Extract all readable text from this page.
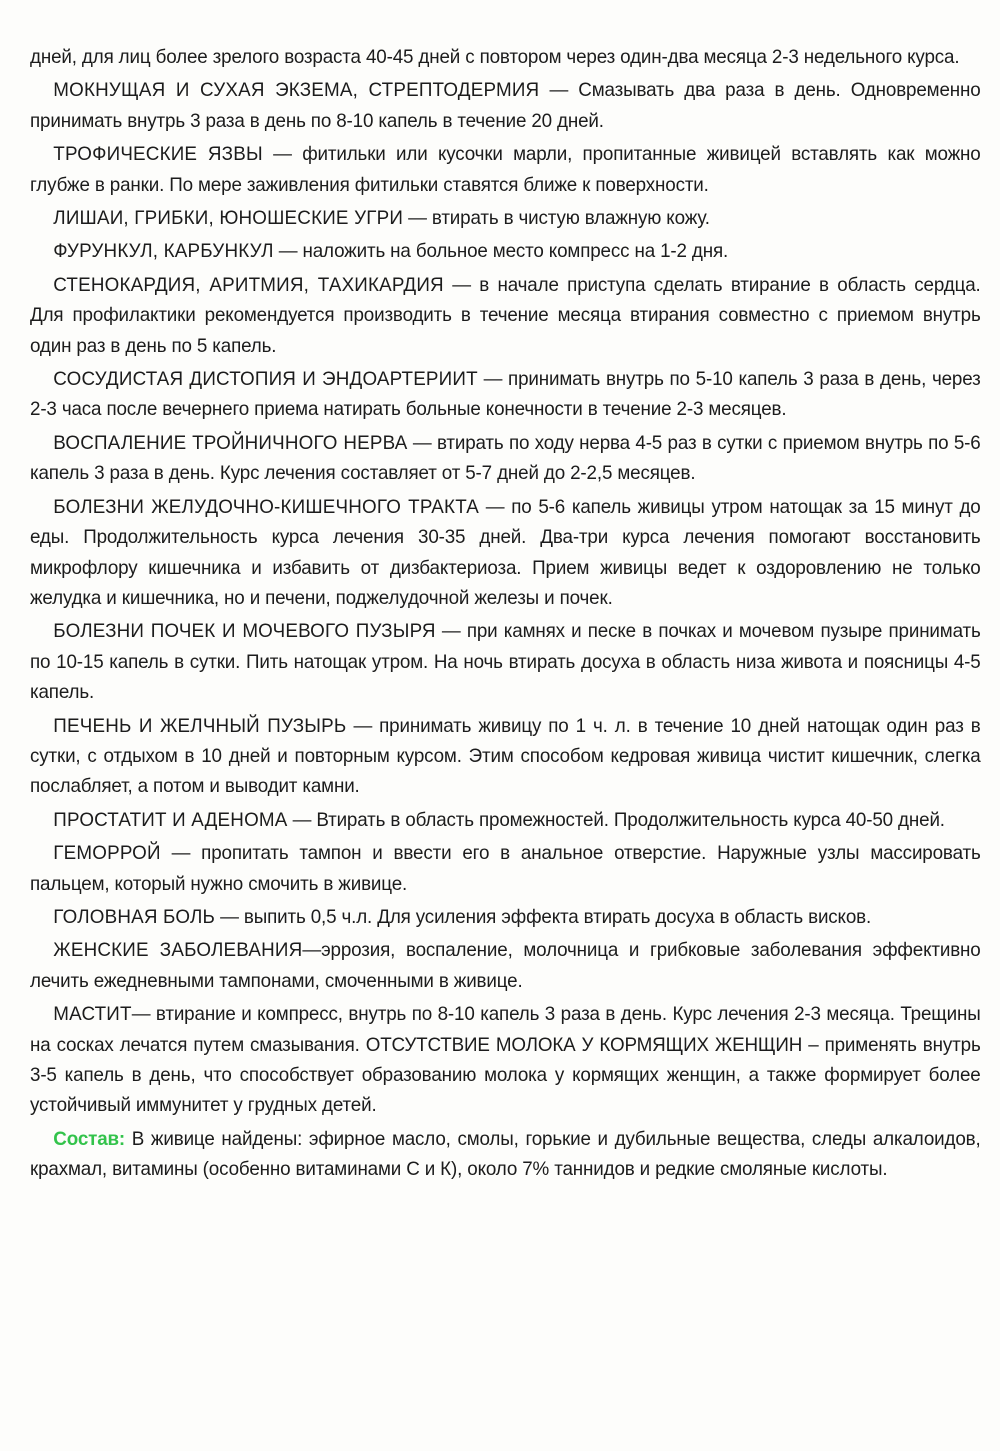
дней, для лиц более зрелого возраста 40-45 дней с повтором через один-два месяца 2-3 недельного курса.

МОКНУЩАЯ И СУХАЯ ЭКЗЕМА, СТРЕПТОДЕРМИЯ — Смазывать два раза в день. Одновременно принимать внутрь 3 раза в день по 8-10 капель в течение 20 дней.

ТРОФИЧЕСКИЕ ЯЗВЫ — фитильки или кусочки марли, пропитанные живицей вставлять как можно глубже в ранки. По мере заживления фитильки ставятся ближе к поверхности.

ЛИШАИ, ГРИБКИ, ЮНОШЕСКИЕ УГРИ — втирать в чистую влажную кожу.

ФУРУНКУЛ, КАРБУНКУЛ — наложить на больное место компресс на 1-2 дня.

СТЕНОКАРДИЯ, АРИТМИЯ, ТАХИКАРДИЯ — в начале приступа сделать втирание в область сердца. Для профилактики рекомендуется производить в течение месяца втирания совместно с приемом внутрь один раз в день по 5 капель.

СОСУДИСТАЯ ДИСТОПИЯ И ЭНДОАРТЕРИИТ — принимать внутрь по 5-10 капель 3 раза в день, через 2-3 часа после вечернего приема натирать больные конечности в течение 2-3 месяцев.

ВОСПАЛЕНИЕ ТРОЙНИЧНОГО НЕРВА — втирать по ходу нерва 4-5 раз в сутки с приемом внутрь по 5-6 капель 3 раза в день. Курс лечения составляет от 5-7 дней до 2-2,5 месяцев.

БОЛЕЗНИ ЖЕЛУДОЧНО-КИШЕЧНОГО ТРАКТА — по 5-6 капель живицы утром натощак за 15 минут до еды. Продолжительность курса лечения 30-35 дней. Два-три курса лечения помогают восстановить микрофлору кишечника и избавить от дизбактериоза. Прием живицы ведет к оздоровлению не только желудка и кишечника, но и печени, поджелудочной железы и почек.

БОЛЕЗНИ ПОЧЕК И МОЧЕВОГО ПУЗЫРЯ — при камнях и песке в почках и мочевом пузыре принимать по 10-15 капель в сутки. Пить натощак утром. На ночь втирать досуха в область низа живота и поясницы 4-5 капель.

ПЕЧЕНЬ И ЖЕЛЧНЫЙ ПУЗЫРЬ — принимать живицу по 1 ч. л. в течение 10 дней натощак один раз в сутки, с отдыхом в 10 дней и повторным курсом. Этим способом кедровая живица чистит кишечник, слегка послабляет, а потом и выводит камни.

ПРОСТАТИТ И АДЕНОМА — Втирать в область промежностей. Продолжительность курса 40-50 дней.

ГЕМОРРОЙ — пропитать тампон и ввести его в анальное отверстие. Наружные узлы массировать пальцем, который нужно смочить в живице.

ГОЛОВНАЯ БОЛЬ — выпить 0,5 ч.л. Для усиления эффекта втирать досуха в область висков.

ЖЕНСКИЕ ЗАБОЛЕВАНИЯ—эррозия, воспаление, молочница и грибковые заболевания эффективно лечить ежедневными тампонами, смоченными в живице.

МАСТИТ— втирание и компресс, внутрь по 8-10 капель 3 раза в день. Курс лечения 2-3 месяца. Трещины на сосках лечатся путем смазывания. ОТСУТСТВИЕ МОЛОКА У КОРМЯЩИХ ЖЕНЩИН – применять внутрь 3-5 капель в день, что способствует образованию молока у кормящих женщин, а также формирует более устойчивый иммунитет у грудных детей.

Состав: В живице найдены: эфирное масло, смолы, горькие и дубильные вещества, следы алкалоидов, крахмал, витамины (особенно витаминами С и К), около 7% таннидов и редкие смоляные кислоты.
